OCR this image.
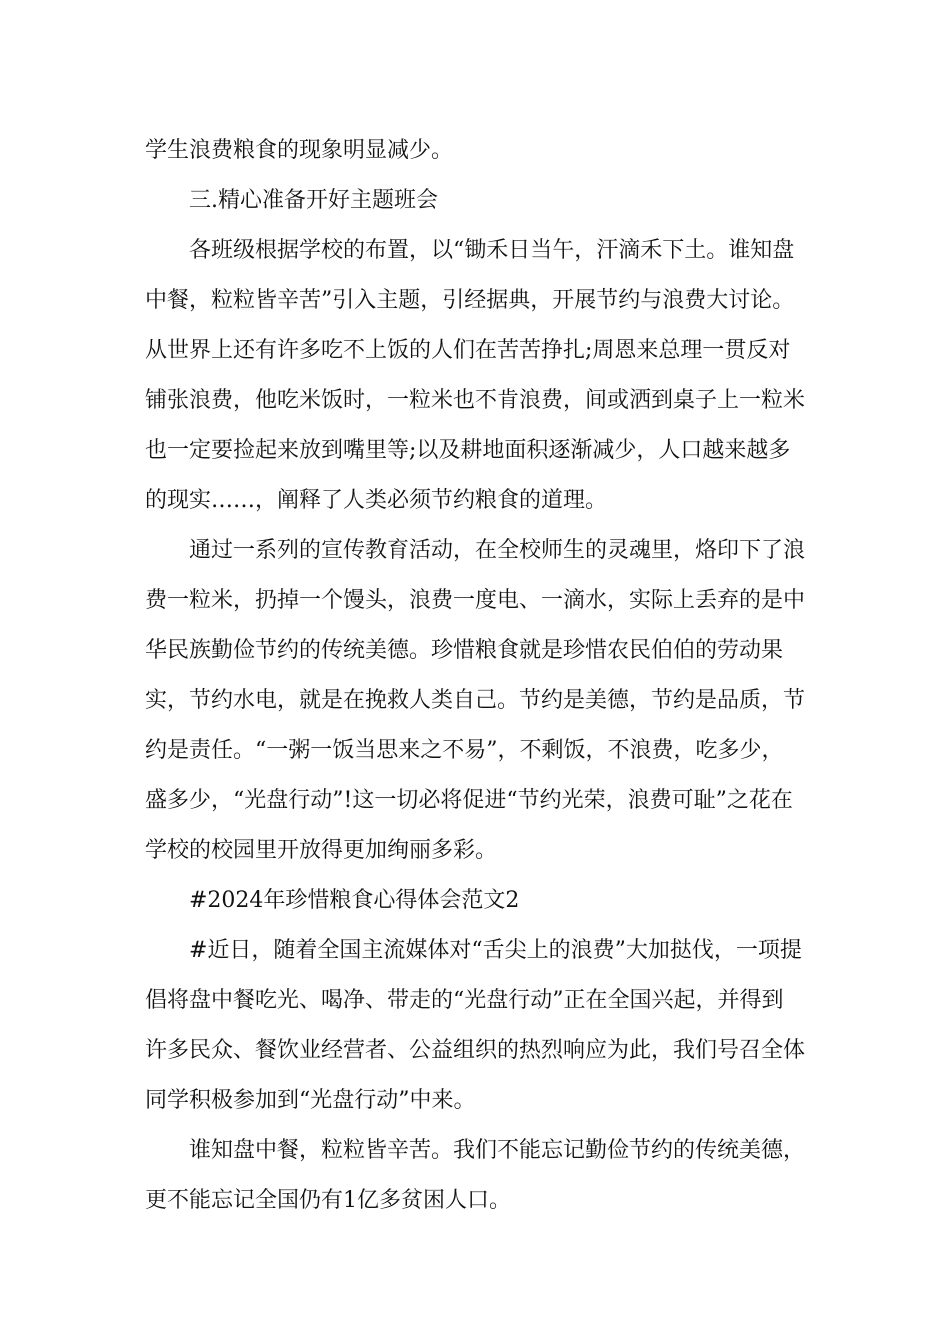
学生浪费粮食的现象明显减少。

三.精心准备开好主题班会

各班级根据学校的布置，以“锄禾日当午，汗滴禾下土。谁知盘中餐，粒粒皆辛苦”引入主题，引经据典，开展节约与浪费大讨论。从世界上还有许多吃不上饭的人们在苦苦挣扎;周恩来总理一贯反对铺张浪费，他吃米饭时，一粒米也不肯浪费，间或洒到桌子上一粒米也一定要捡起来放到嘴里等;以及耕地面积逐渐减少，人口越来越多的现实……，阐释了人类必须节约粮食的道理。

通过一系列的宣传教育活动，在全校师生的灵魂里，烙印下了浪费一粒米，扔掉一个馒头，浪费一度电、一滴水，实际上丢弃的是中华民族勤俭节约的传统美德。珍惜粮食就是珍惜农民伯伯的劳动果实，节约水电，就是在挽救人类自己。节约是美德，节约是品质，节约是责任。“一粥一饭当思来之不易”，不剩饭，不浪费，吃多少，盛多少，“光盘行动”!这一切必将促进“节约光荣，浪费可耻”之花在学校的校园里开放得更加绚丽多彩。

#2024年珍惜粮食心得体会范文2

#近日，随着全国主流媒体对“舌尖上的浪费”大加挞伐，一项提倡将盘中餐吃光、喝净、带走的“光盘行动”正在全国兴起，并得到许多民众、餐饮业经营者、公益组织的热烈响应为此，我们号召全体同学积极参加到“光盘行动”中来。

谁知盘中餐，粒粒皆辛苦。我们不能忘记勤俭节约的传统美德，更不能忘记全国仍有1亿多贫困人口。
